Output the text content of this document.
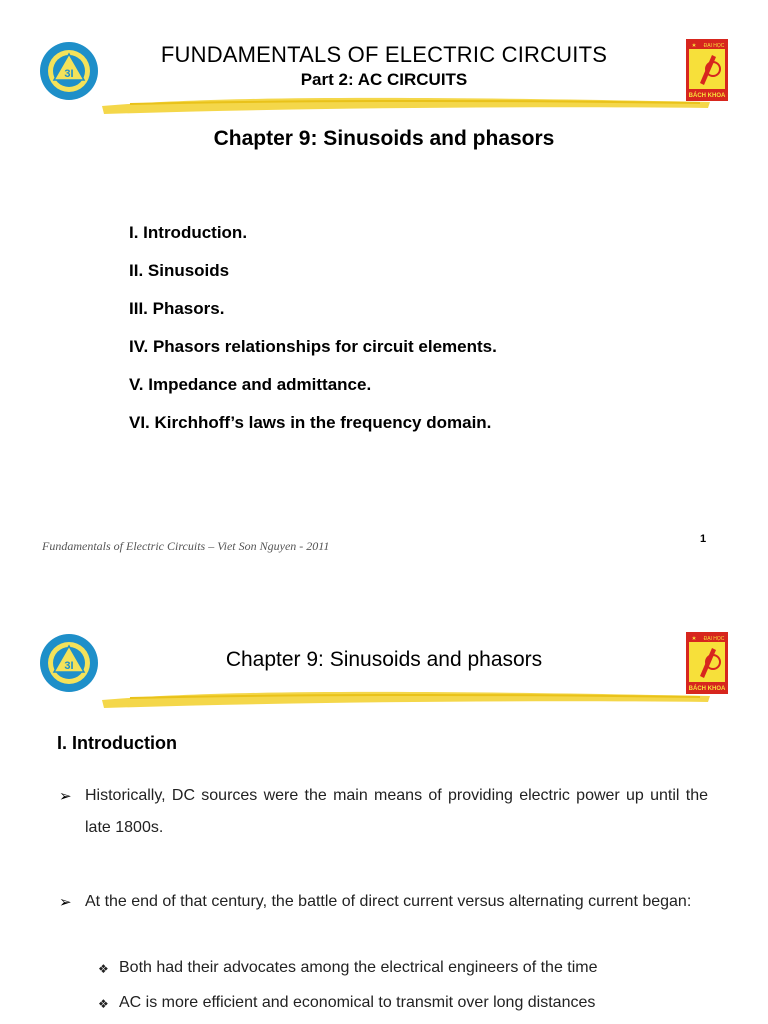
3I
FUNDAMENTALS OF ELECTRIC CIRCUITS
Part 2: AC CIRCUITS
ĐẠI HỌC
BÁCH KHOA
Chapter 9: Sinusoids and phasors
I. Introduction.
II. Sinusoids
III. Phasors.
IV. Phasors relationships for circuit elements.
V. Impedance and admittance.
VI. Kirchhoff’s laws in the frequency domain.
Fundamentals of Electric Circuits – Viet Son Nguyen - 2011	1
3I	Chapter 9: Sinusoids and phasors
ĐẠI HỌC
BÁCH KHOA
I. Introduction
➢ Historically, DC sources were the main means of providing electric power up until the late 1800s.
➢ At the end of that century, the battle of direct current versus alternating current began:
❖ Both had their advocates among the electrical engineers of the time
❖ AC is more efficient and economical to transmit over long distances
